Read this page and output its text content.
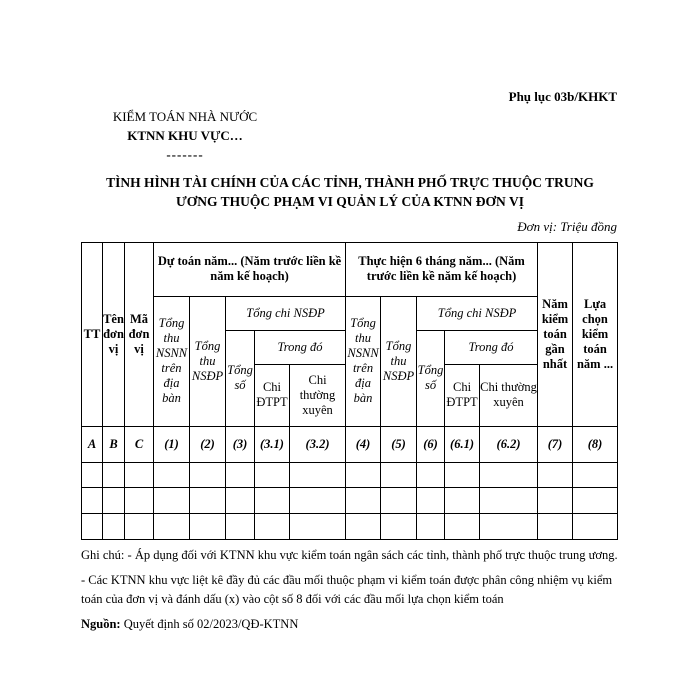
Phụ lục 03b/KHKT
KIỂM TOÁN NHÀ NƯỚC
KTNN KHU VỰC…
-------
TÌNH HÌNH TÀI CHÍNH CỦA CÁC TỈNH, THÀNH PHỐ TRỰC THUỘC TRUNG
ƯƠNG THUỘC PHẠM VI QUẢN LÝ CỦA KTNN ĐƠN VỊ
Đơn vị: Triệu đồng
TT	Tên đơn vị	Mã đơn vị	Dự toán năm... (Năm trước liền kề năm kế hoạch)					Thực hiện 6 tháng năm... (Năm trước liền kề năm kế hoạch)					Năm kiểm toán gần nhất	Lựa chọn kiểm toán năm ...
			Tổng thu NSNN trên địa bàn	Tổng thu NSĐP	Tổng chi NSĐP			Tổng thu NSNN trên địa bàn	Tổng thu NSĐP	Tổng chi NSĐP				
					Tổng số	Trong đó				Tổng số	Trong đó			
						Chi ĐTPT	Chi thường xuyên				Chi ĐTPT	Chi thường xuyên		
A	B	C	(1)	(2)	(3)	(3.1)	(3.2)	(4)	(5)	(6)	(6.1)	(6.2)	(7)	(8)

Ghi chú: - Áp dụng đối với KTNN khu vực kiểm toán ngân sách các tỉnh, thành phố trực thuộc trung ương.

- Các KTNN khu vực liệt kê đầy đủ các đầu mối thuộc phạm vi kiểm toán được phân công nhiệm vụ kiểm toán của đơn vị và đánh dấu (x) vào cột số 8 đối với các đầu mối lựa chọn kiểm toán

Nguồn: Quyết định số 02/2023/QĐ-KTNN
